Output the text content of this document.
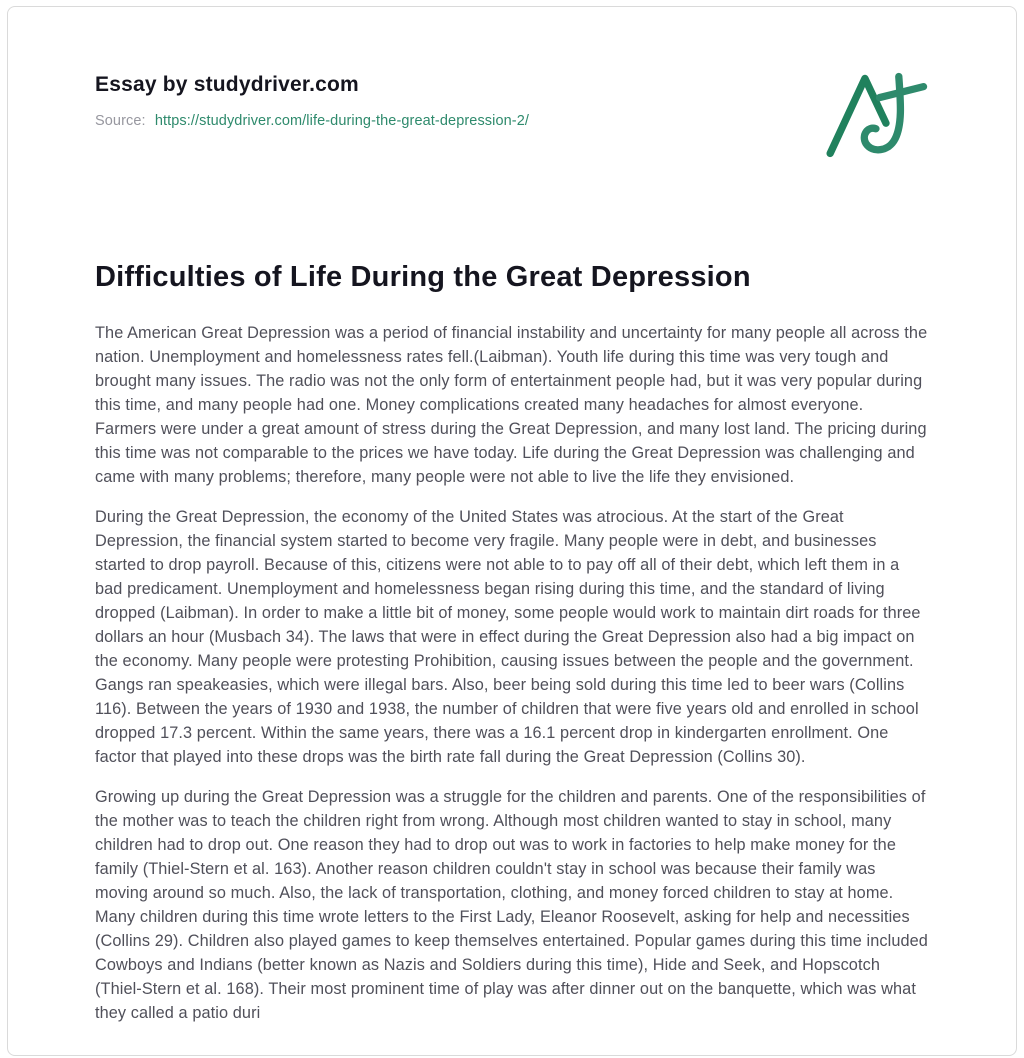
Essay by studydriver.com
Source: https://studydriver.com/life-during-the-great-depression-2/
Difficulties of Life During the Great Depression

The American Great Depression was a period of financial instability and uncertainty for many people all across the nation. Unemployment and homelessness rates fell.(Laibman). Youth life during this time was very tough and brought many issues. The radio was not the only form of entertainment people had, but it was very popular during this time, and many people had one. Money complications created many headaches for almost everyone. Farmers were under a great amount of stress during the Great Depression, and many lost land. The pricing during this time was not comparable to the prices we have today. Life during the Great Depression was challenging and came with many problems; therefore, many people were not able to live the life they envisioned.

During the Great Depression, the economy of the United States was atrocious. At the start of the Great Depression, the financial system started to become very fragile. Many people were in debt, and businesses started to drop payroll. Because of this, citizens were not able to to pay off all of their debt, which left them in a bad predicament. Unemployment and homelessness began rising during this time, and the standard of living dropped (Laibman). In order to make a little bit of money, some people would work to maintain dirt roads for three dollars an hour (Musbach 34). The laws that were in effect during the Great Depression also had a big impact on the economy. Many people were protesting Prohibition, causing issues between the people and the government. Gangs ran speakeasies, which were illegal bars. Also, beer being sold during this time led to beer wars (Collins 116). Between the years of 1930 and 1938, the number of children that were five years old and enrolled in school dropped 17.3 percent. Within the same years, there was a 16.1 percent drop in kindergarten enrollment. One factor that played into these drops was the birth rate fall during the Great Depression (Collins 30).

Growing up during the Great Depression was a struggle for the children and parents. One of the responsibilities of the mother was to teach the children right from wrong. Although most children wanted to stay in school, many children had to drop out. One reason they had to drop out was to work in factories to help make money for the family (Thiel-Stern et al. 163). Another reason children couldn't stay in school was because their family was moving around so much. Also, the lack of transportation, clothing, and money forced children to stay at home. Many children during this time wrote letters to the First Lady, Eleanor Roosevelt, asking for help and necessities (Collins 29). Children also played games to keep themselves entertained. Popular games during this time included Cowboys and Indians (better known as Nazis and Soldiers during this time), Hide and Seek, and Hopscotch (Thiel-Stern et al. 168). Their most prominent time of play was after dinner out on the banquette, which was what they called a patio duri
